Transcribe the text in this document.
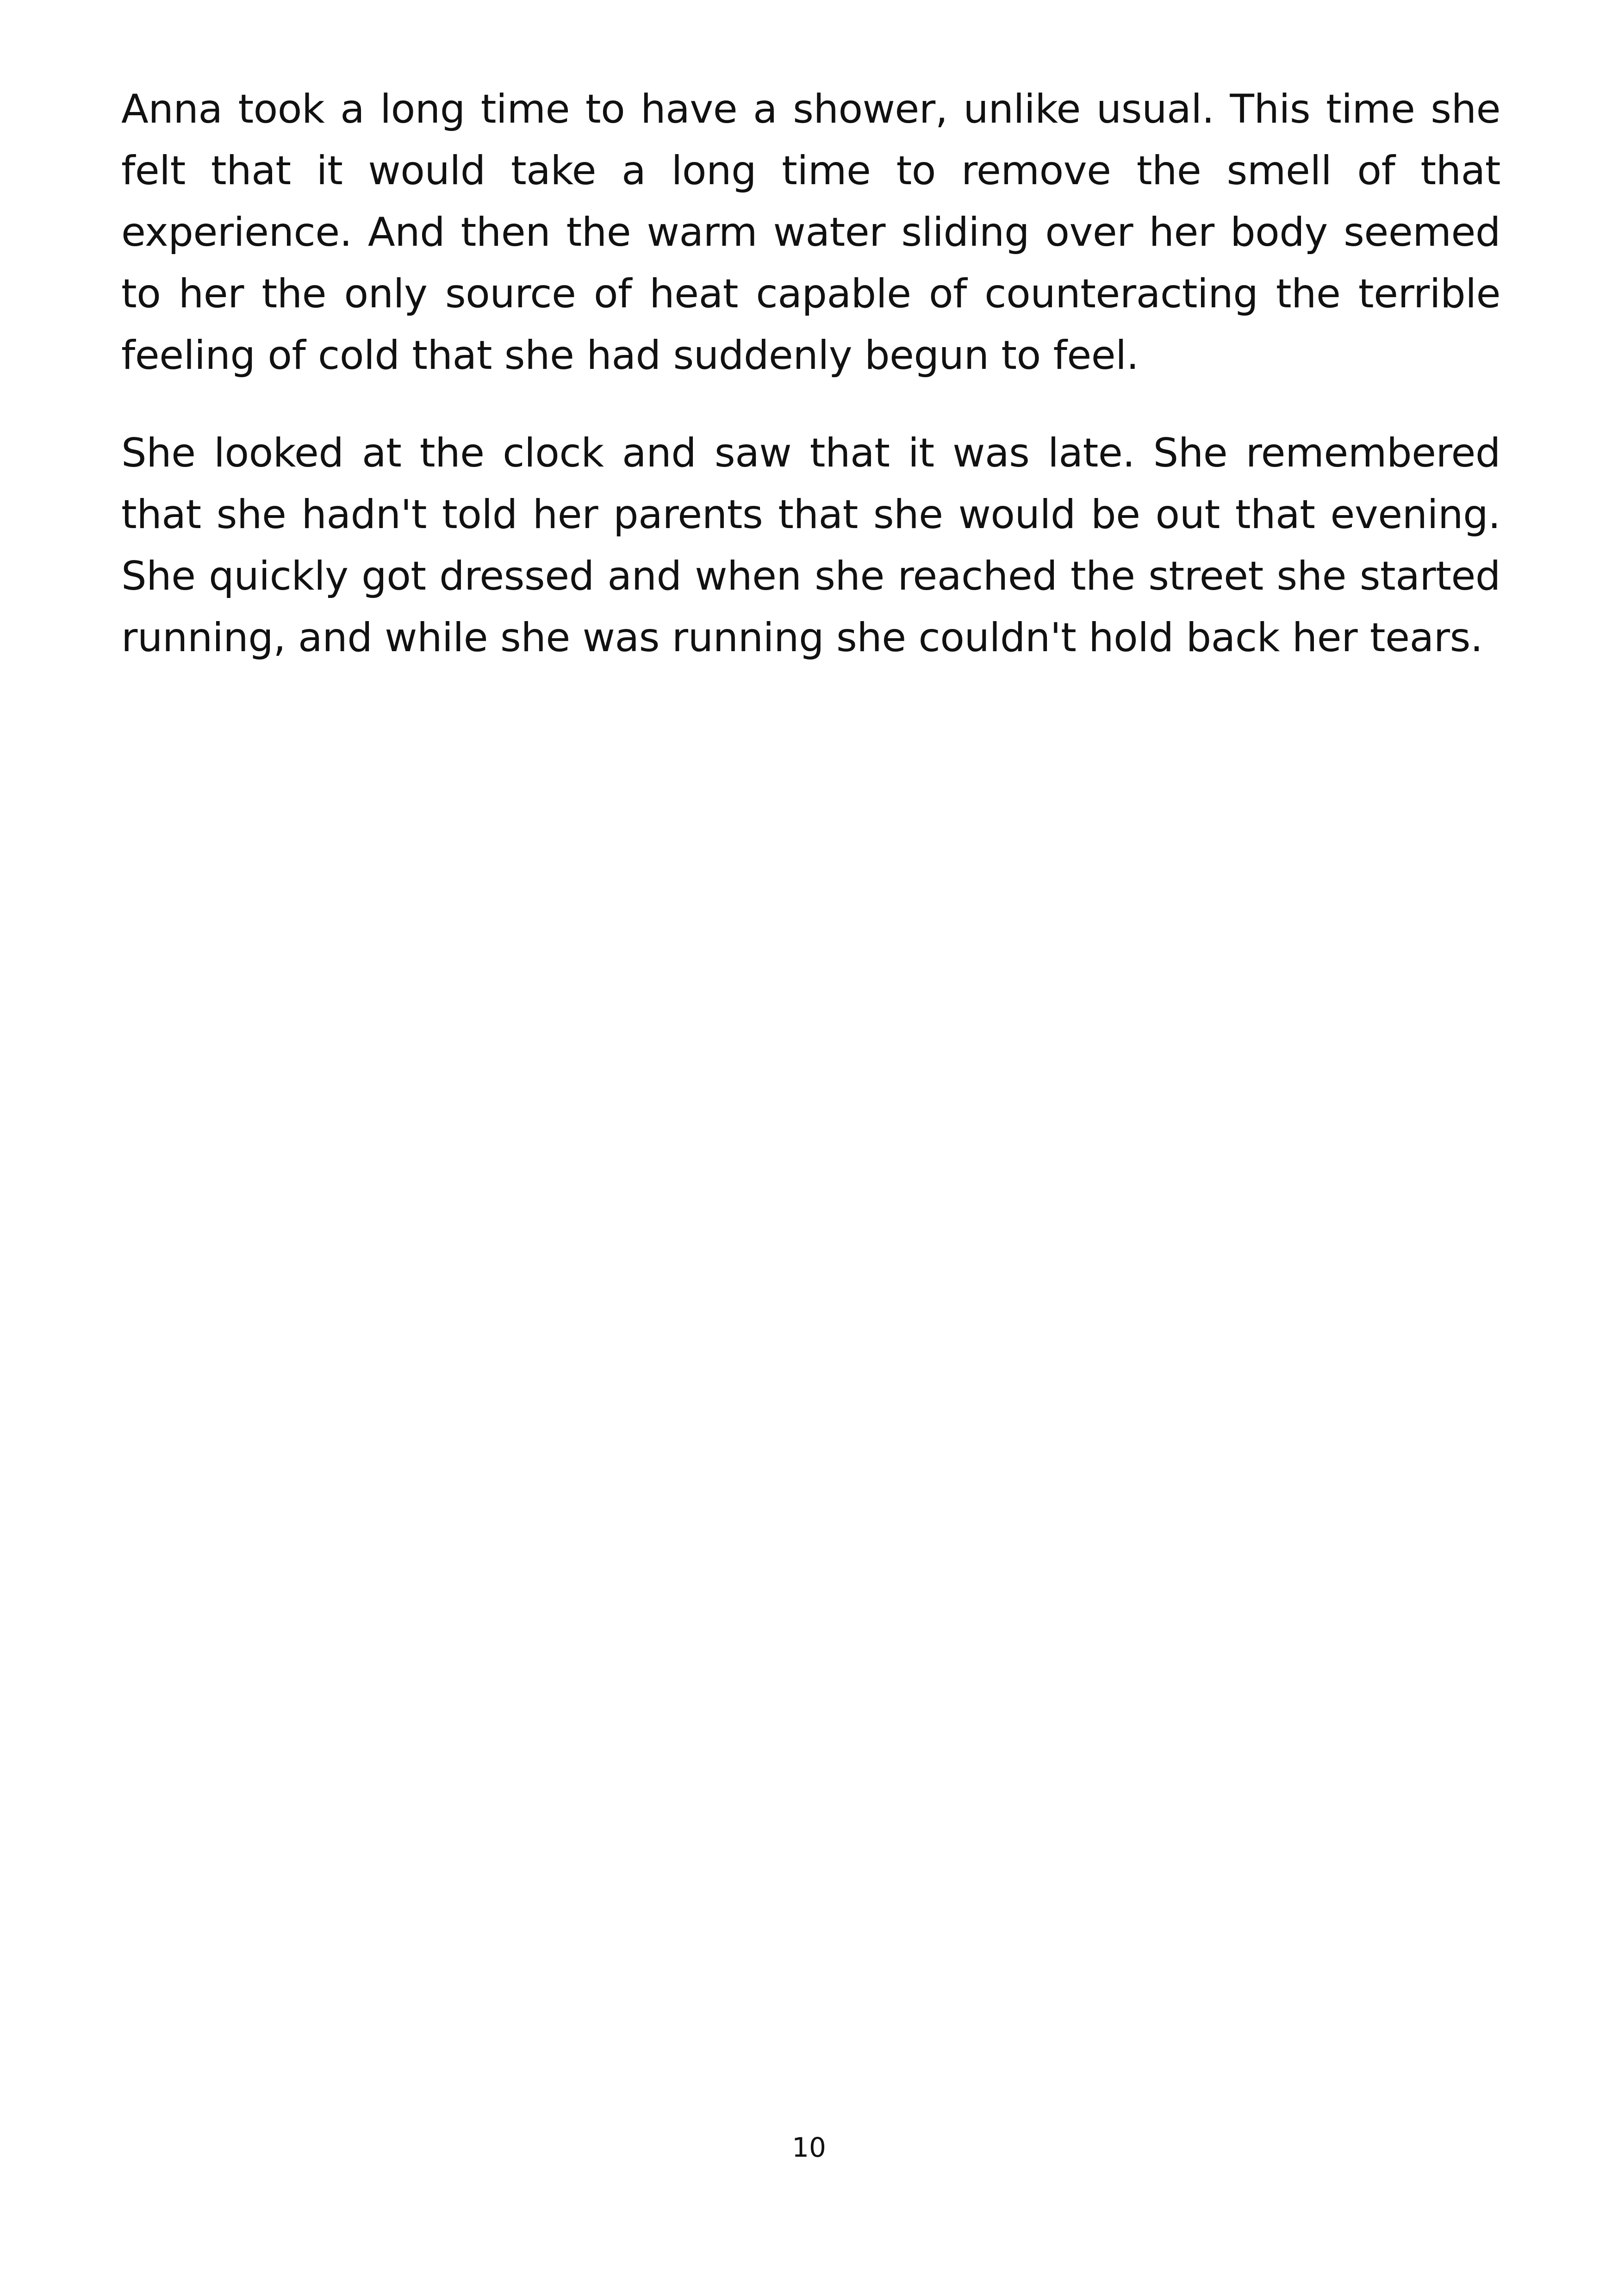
Anna took a long time to have a shower, unlike usual. This time she felt that it would take a long time to remove the smell of that experience. And then the warm water sliding over her body seemed to her the only source of heat capable of counteracting the terrible feeling of cold that she had suddenly begun to feel.

She looked at the clock and saw that it was late. She remembered that she hadn't told her parents that she would be out that evening. She quickly got dressed and when she reached the street she started running, and while she was running she couldn't hold back her tears.

10
